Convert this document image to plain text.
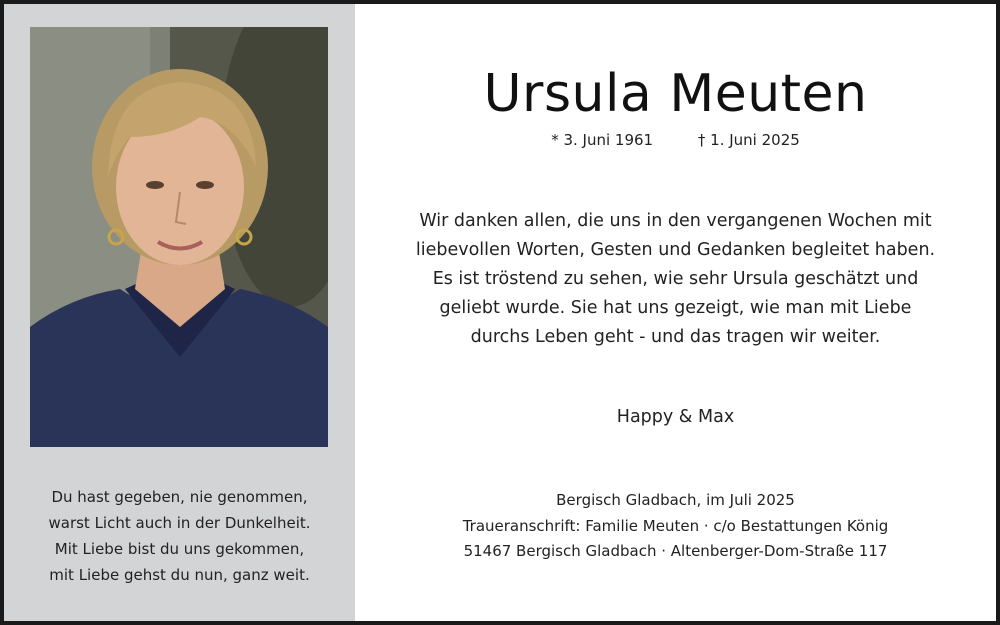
Du hast gegeben, nie genommen,
warst Licht auch in der Dunkelheit.
Mit Liebe bist du uns gekommen,
mit Liebe gehst du nun, ganz weit.
Ursula Meuten
* 3. Juni 1961	† 1. Juni 2025
Wir danken allen, die uns in den vergangenen Wochen mit
liebevollen Worten, Gesten und Gedanken begleitet haben.
Es ist tröstend zu sehen, wie sehr Ursula geschätzt und
geliebt wurde. Sie hat uns gezeigt, wie man mit Liebe
durchs Leben geht - und das tragen wir weiter.
Happy & Max
Bergisch Gladbach, im Juli 2025
Traueranschrift: Familie Meuten · c/o Bestattungen König
51467 Bergisch Gladbach · Altenberger-Dom-Straße 117
